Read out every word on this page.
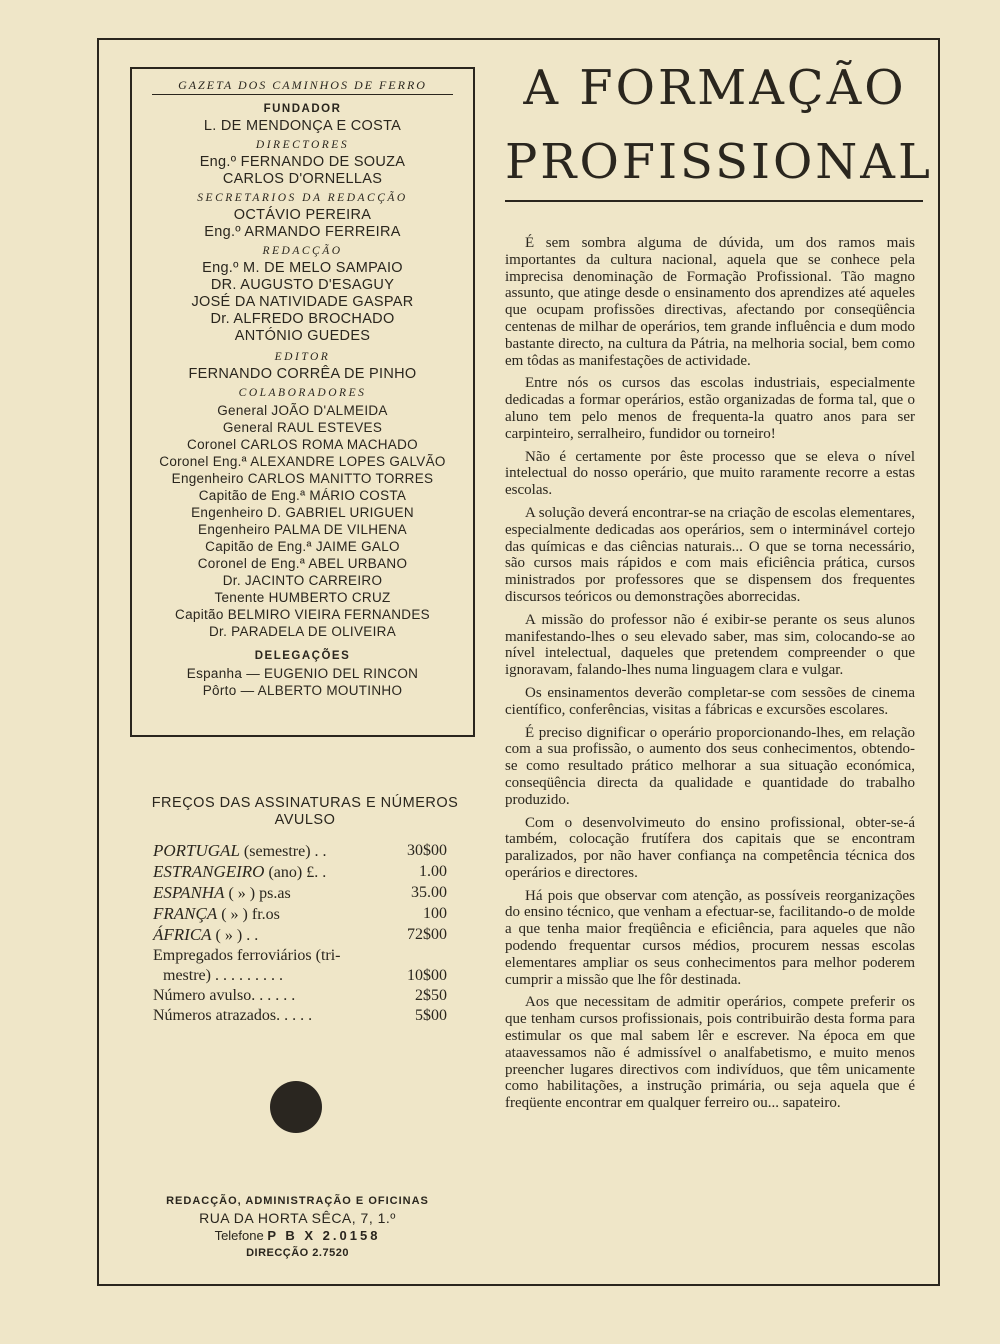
GAZETA DOS CAMINHOS DE FERRO
FUNDADOR
L. DE MENDONÇA E COSTA
DIRECTORES
Eng.º FERNANDO DE SOUZA
CARLOS D'ORNELLAS
SECRETARIOS DA REDACÇÃO
OCTÁVIO PEREIRA
Eng.º ARMANDO FERREIRA
REDACÇÃO
Eng.º M. DE MELO SAMPAIO
DR. AUGUSTO D'ESAGUY
JOSÉ DA NATIVIDADE GASPAR
Dr. ALFREDO BROCHADO
ANTÓNIO GUEDES
EDITOR
FERNANDO CORRÊA DE PINHO
COLABORADORES
General JOÃO D'ALMEIDA
General RAUL ESTEVES
Coronel CARLOS ROMA MACHADO
Coronel Eng.ª ALEXANDRE LOPES GALVÃO
Engenheiro CARLOS MANITTO TORRES
Capitão de Eng.ª MÁRIO COSTA
Engenheiro D. GABRIEL URIGUEN
Engenheiro PALMA DE VILHENA
Capitão de Eng.ª JAIME GALO
Coronel de Eng.ª ABEL URBANO
Dr. JACINTO CARREIRO
Tenente HUMBERTO CRUZ
Capitão BELMIRO VIEIRA FERNANDES
Dr. PARADELA DE OLIVEIRA
DELEGAÇÕES
Espanha — EUGENIO DEL RINCON
Pôrto — ALBERTO MOUTINHO
A FORMAÇÃO
PROFISSIONAL

É sem sombra alguma de dúvida, um dos ramos mais importantes da cultura nacional, aquela que se conhece pela imprecisa denominação de Formação Profissional. Tão magno assunto, que atinge desde o ensinamento dos aprendizes até aqueles que ocupam profissões directivas, afectando por conseqüência centenas de milhar de operários, tem grande influência e dum modo bastante directo, na cultura da Pátria, na melhoria social, bem como em tôdas as manifestações de actividade.

Entre nós os cursos das escolas industriais, especialmente dedicadas a formar operários, estão organizadas de forma tal, que o aluno tem pelo menos de frequenta-la quatro anos para ser carpinteiro, serralheiro, fundidor ou torneiro!

Não é certamente por êste processo que se eleva o nível intelectual do nosso operário, que muito raramente recorre a estas escolas.

A solução deverá encontrar-se na criação de escolas elementares, especialmente dedicadas aos operários, sem o interminável cortejo das químicas e das ciências naturais... O que se torna necessário, são cursos mais rápidos e com mais eficiência prática, cursos ministrados por professores que se dispensem dos frequentes discursos teóricos ou demonstrações aborrecidas.

A missão do professor não é exibir-se perante os seus alunos manifestando-lhes o seu elevado saber, mas sim, colocando-se ao nível intelectual, daqueles que pretendem compreender o que ignoravam, falando-lhes numa linguagem clara e vulgar.

Os ensinamentos deverão completar-se com sessões de cinema científico, conferências, visitas a fábricas e excursões escolares.

É preciso dignificar o operário proporcionando-lhes, em relação com a sua profissão, o aumento dos seus conhecimentos, obtendo-se como resultado prático melhorar a sua situação económica, conseqüência directa da qualidade e quantidade do trabalho produzido.

Com o desenvolvimeuto do ensino profissional, obter-se-á também, colocação frutífera dos capitais que se encontram paralizados, por não haver confiança na competência técnica dos operários e directores.

Há pois que observar com atenção, as possíveis reorganizações do ensino técnico, que venham a efectuar-se, facilitando-o de molde a que tenha maior freqüência e eficiência, para aqueles que não podendo frequentar cursos médios, procurem nessas escolas elementares ampliar os seus conhecimentos para melhor poderem cumprir a missão que lhe fôr destinada.

Aos que necessitam de admitir operários, compete preferir os que tenham cursos profissionais, pois contribuirão desta forma para estimular os que mal sabem lêr e escrever. Na época em que ataavessamos não é admissível o analfabetismo, e muito menos preencher lugares directivos com indivíduos, que têm unicamente como habilitações, a instrução primária, ou seja aquela que é freqüente encontrar em qualquer ferreiro ou... sapateiro.

FREÇOS DAS ASSINATURAS E NÚMEROS AVULSO
PORTUGAL (semestre) . .	30$00
ESTRANGEIRO (ano) £. .	1.00
ESPANHA ( » ) ps.as	35.00
FRANÇA ( » ) fr.os	100
ÁFRICA ( » ) . .	72$00
Empregados ferroviários (tri-
mestre) . . . . . . . . .	10$00
Número avulso. . . . . .	2$50
Números atrazados. . . . .	5$00
REDACÇÃO, ADMINISTRAÇÃO E OFICINAS
RUA DA HORTA SÊCA, 7, 1.º
Telefone P B X 2.0158
DIRECÇÃO 2.7520
